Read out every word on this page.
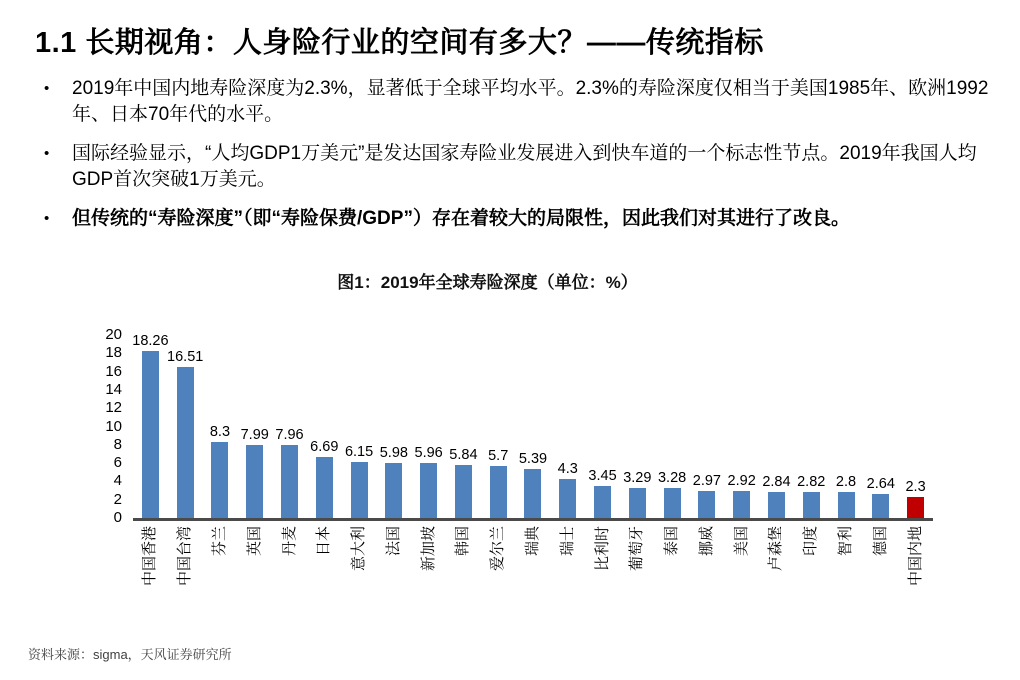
1.1 长期视角：人身险行业的空间有多大？——传统指标
•	2019年中国内地寿险深度为2.3%，显著低于全球平均水平。2.3%的寿险深度仅相当于美国1985年、欧洲1992年、日本70年代的水平。
•	国际经验显示，“人均GDP1万美元”是发达国家寿险业发展进入到快车道的一个标志性节点。2019年我国人均GDP首次突破1万美元。
•	但传统的“寿险深度”（即“寿险保费/GDP”）存在着较大的局限性，因此我们对其进行了改良。
图1：2019年全球寿险深度（单位：%）
20
18
16
14
12
10
8
6
4
2
0
18.26
16.51
8.3 7.99 7.96
6.69 6.15 5.98 5.96 5.84 5.7 5.39
4.3 3.45 3.29 3.28 2.97 2.92 2.84 2.82 2.8 2.64 2.3
中国香港 中国台湾 芬兰 英国 丹麦 日本 意大利 法国 新加坡 韩国 爱尔兰 瑞典 瑞士 比利时 葡萄牙 泰国 挪威 美国 卢森堡 印度 智利 德国 中国内地
资料来源：sigma，天风证券研究所
